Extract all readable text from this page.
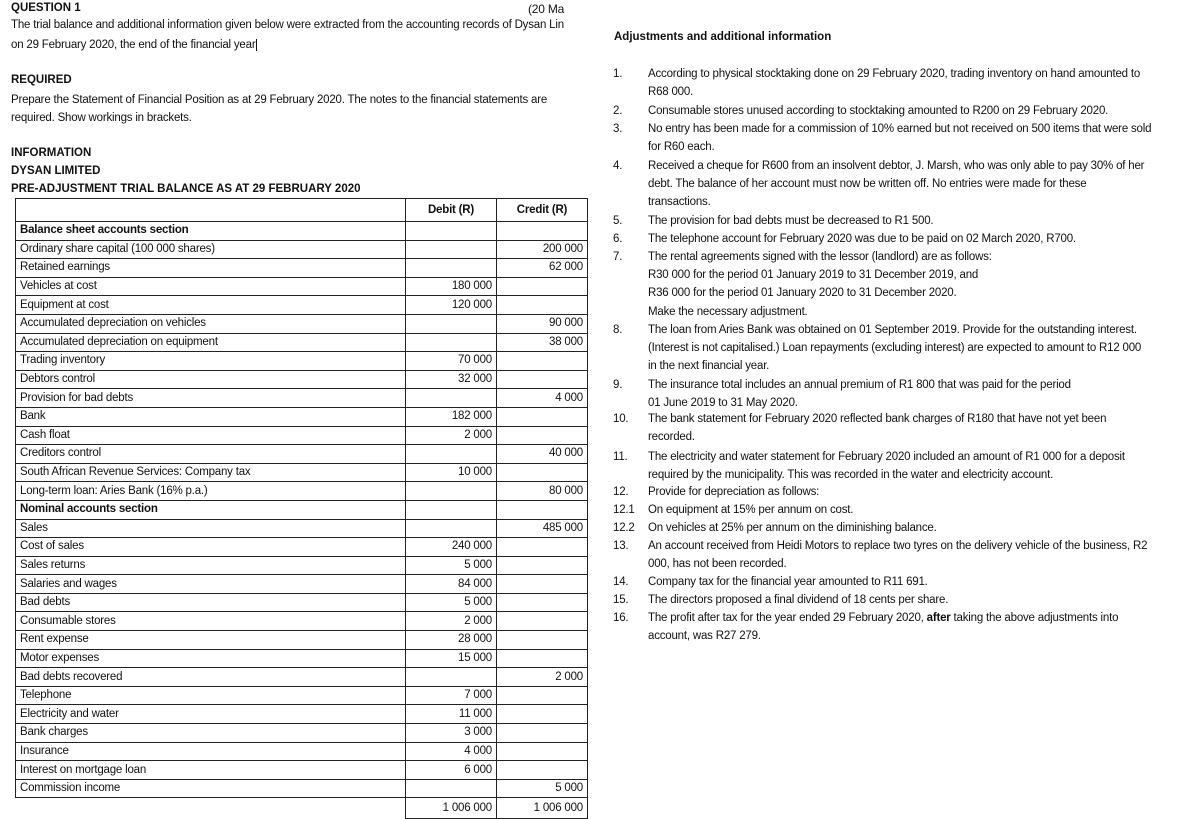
QUESTION 1	(20 Ma
The trial balance and additional information given below were extracted from the accounting records of Dysan Lin
on 29 February 2020, the end of the financial year
REQUIRED
Prepare the Statement of Financial Position as at 29 February 2020. The notes to the financial statements are
required. Show workings in brackets.
INFORMATION
DYSAN LIMITED
PRE-ADJUSTMENT TRIAL BALANCE AS AT 29 FEBRUARY 2020
	Debit (R)	Credit (R)
Balance sheet accounts section		
Ordinary share capital (100 000 shares)		200 000
Retained earnings		62 000
Vehicles at cost	180 000	
Equipment at cost	120 000	
Accumulated depreciation on vehicles		90 000
Accumulated depreciation on equipment		38 000
Trading inventory	70 000	
Debtors control	32 000	
Provision for bad debts		4 000
Bank	182 000	
Cash float	2 000	
Creditors control		40 000
South African Revenue Services: Company tax	10 000	
Long-term loan: Aries Bank (16% p.a.)		80 000
Nominal accounts section		
Sales		485 000
Cost of sales	240 000	
Sales returns	5 000	
Salaries and wages	84 000	
Bad debts	5 000	
Consumable stores	2 000	
Rent expense	28 000	
Motor expenses	15 000	
Bad debts recovered		2 000
Telephone	7 000	
Electricity and water	11 000	
Bank charges	3 000	
Insurance	4 000	
Interest on mortgage loan	6 000	
Commission income		5 000
	1 006 000	1 006 000
Adjustments and additional information
1.	According to physical stocktaking done on 29 February 2020, trading inventory on hand amounted to
R68 000.
2.	Consumable stores unused according to stocktaking amounted to R200 on 29 February 2020.
3.	No entry has been made for a commission of 10% earned but not received on 500 items that were sold
for R60 each.
4.	Received a cheque for R600 from an insolvent debtor, J. Marsh, who was only able to pay 30% of her
debt. The balance of her account must now be written off. No entries were made for these
transactions.
5.	The provision for bad debts must be decreased to R1 500.
6.	The telephone account for February 2020 was due to be paid on 02 March 2020, R700.
7.	The rental agreements signed with the lessor (landlord) are as follows:
R30 000 for the period 01 January 2019 to 31 December 2019, and
R36 000 for the period 01 January 2020 to 31 December 2020.
Make the necessary adjustment.
8.	The loan from Aries Bank was obtained on 01 September 2019. Provide for the outstanding interest.
(Interest is not capitalised.) Loan repayments (excluding interest) are expected to amount to R12 000
in the next financial year.
9.	The insurance total includes an annual premium of R1 800 that was paid for the period
01 June 2019 to 31 May 2020.
10.	The bank statement for February 2020 reflected bank charges of R180 that have not yet been
recorded.
11.	The electricity and water statement for February 2020 included an amount of R1 000 for a deposit
required by the municipality. This was recorded in the water and electricity account.
12.	Provide for depreciation as follows:
12.1	On equipment at 15% per annum on cost.
12.2	On vehicles at 25% per annum on the diminishing balance.
13.	An account received from Heidi Motors to replace two tyres on the delivery vehicle of the business, R2
000, has not been recorded.
14.	Company tax for the financial year amounted to R11 691.
15.	The directors proposed a final dividend of 18 cents per share.
16.	The profit after tax for the year ended 29 February 2020, after taking the above adjustments into
account, was R27 279.
